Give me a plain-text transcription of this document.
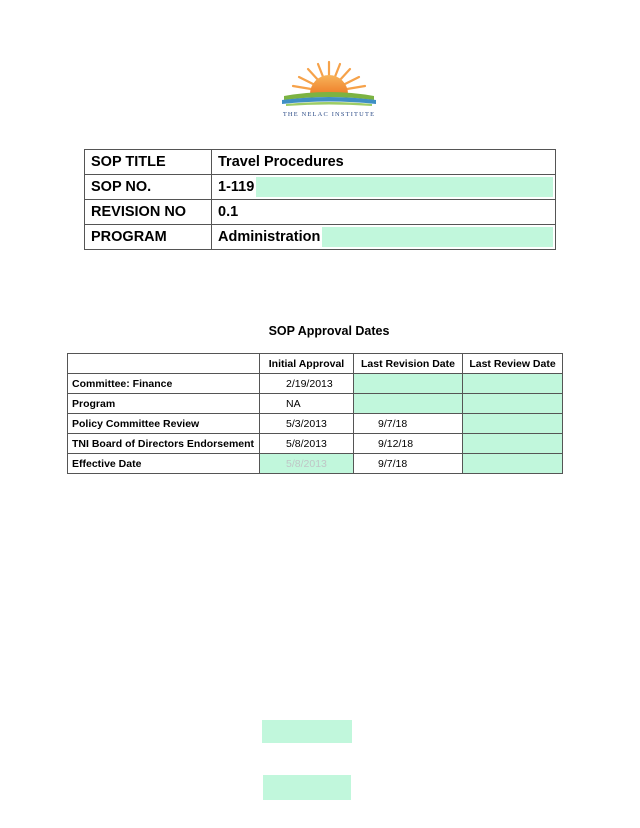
THE NELAC INSTITUTE
SOP TITLE	Travel Procedures
SOP NO.	1-119

REVISION NO	0.1
PROGRAM	Administration
SOP Approval Dates
	Initial Approval	Last Revision Date	Last Review Date
Committee: Finance	2/19/2013		
Program	NA		
Policy Committee Review	5/3/2013	9/7/18	
TNI Board of Directors Endorsement	5/8/2013	9/12/18	
Effective Date	5/8/2013	9/7/18	
